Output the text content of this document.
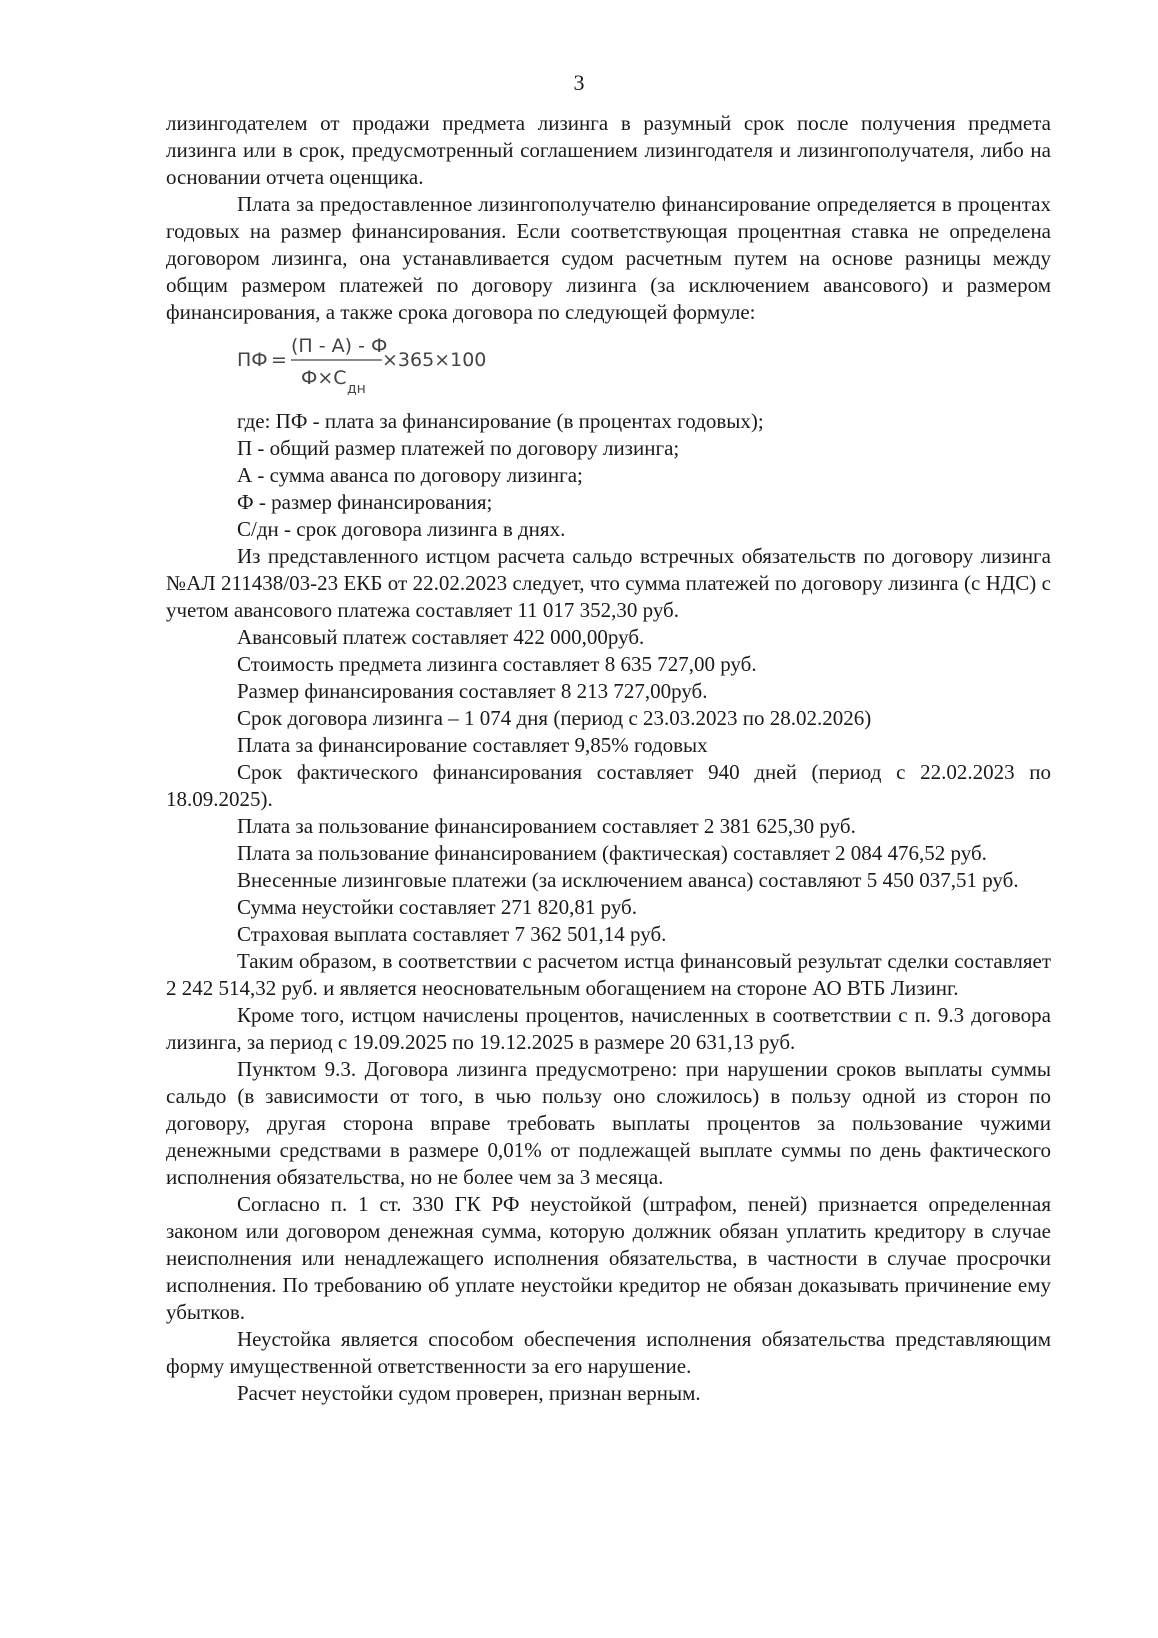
3

лизингодателем от продажи предмета лизинга в разумный срок после получения предмета лизинга или в срок, предусмотренный соглашением лизингодателя и лизингополучателя, либо на основании отчета оценщика.

Плата за предоставленное лизингополучателю финансирование определяется в процентах годовых на размер финансирования. Если соответствующая процентная ставка не определена договором лизинга, она устанавливается судом расчетным путем на основе разницы между общим размером платежей по договору лизинга (за исключением авансового) и размером финансирования, а также срока договора по следующей формуле:

ПФ =
(П - А) - Ф
Ф×С дн
×365×100

где: ПФ - плата за финансирование (в процентах годовых);

П - общий размер платежей по договору лизинга;

А - сумма аванса по договору лизинга;

Ф - размер финансирования;

С/дн - срок договора лизинга в днях.

Из представленного истцом расчета сальдо встречных обязательств по договору лизинга №АЛ 211438/03-23 ЕКБ от 22.02.2023 следует, что сумма платежей по договору лизинга (с НДС) с учетом авансового платежа составляет 11 017 352,30 руб.

Авансовый платеж составляет 422 000,00руб.

Стоимость предмета лизинга составляет 8 635 727,00 руб.

Размер финансирования составляет 8 213 727,00руб.

Срок договора лизинга – 1 074 дня (период с 23.03.2023 по 28.02.2026)

Плата за финансирование составляет 9,85% годовых

Срок фактического финансирования составляет 940 дней (период с 22.02.2023 по 18.09.2025).

Плата за пользование финансированием составляет 2 381 625,30 руб.

Плата за пользование финансированием (фактическая) составляет 2 084 476,52 руб.

Внесенные лизинговые платежи (за исключением аванса) составляют 5 450 037,51 руб.

Сумма неустойки составляет 271 820,81 руб.

Страховая выплата составляет 7 362 501,14 руб.

Таким образом, в соответствии с расчетом истца финансовый результат сделки составляет 2 242 514,32 руб. и является неосновательным обогащением на стороне АО ВТБ Лизинг.

Кроме того, истцом начислены процентов, начисленных в соответствии с п. 9.3 договора лизинга, за период с 19.09.2025 по 19.12.2025 в размере 20 631,13 руб.

Пунктом 9.3. Договора лизинга предусмотрено: при нарушении сроков выплаты суммы сальдо (в зависимости от того, в чью пользу оно сложилось) в пользу одной из сторон по договору, другая сторона вправе требовать выплаты процентов за пользование чужими денежными средствами в размере 0,01% от подлежащей выплате суммы по день фактического исполнения обязательства, но не более чем за 3 месяца.

Согласно п. 1 ст. 330 ГК РФ неустойкой (штрафом, пеней) признается определенная законом или договором денежная сумма, которую должник обязан уплатить кредитору в случае неисполнения или ненадлежащего исполнения обязательства, в частности в случае просрочки исполнения. По требованию об уплате неустойки кредитор не обязан доказывать причинение ему убытков.

Неустойка является способом обеспечения исполнения обязательства представляющим форму имущественной ответственности за его нарушение.

Расчет неустойки судом проверен, признан верным.
